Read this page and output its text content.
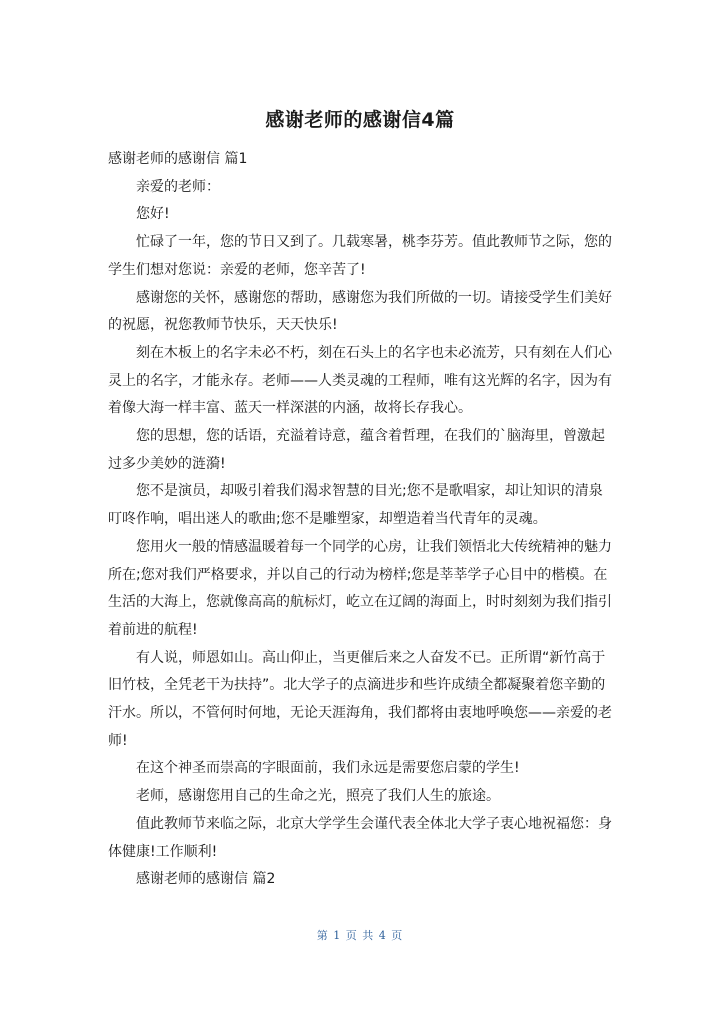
感谢老师的感谢信4篇

感谢老师的感谢信 篇1

亲爱的老师：

您好!

忙碌了一年，您的节日又到了。几载寒暑，桃李芬芳。值此教师节之际，您的学生们想对您说：亲爱的老师，您辛苦了!

感谢您的关怀，感谢您的帮助，感谢您为我们所做的一切。请接受学生们美好的祝愿，祝您教师节快乐，天天快乐!

刻在木板上的名字未必不朽，刻在石头上的名字也未必流芳，只有刻在人们心灵上的名字，才能永存。老师——人类灵魂的工程师，唯有这光辉的名字，因为有着像大海一样丰富、蓝天一样深湛的内涵，故将长存我心。

您的思想，您的话语，充溢着诗意，蕴含着哲理，在我们的`脑海里，曾激起过多少美妙的涟漪!

您不是演员，却吸引着我们渴求智慧的目光;您不是歌唱家，却让知识的清泉叮咚作响，唱出迷人的歌曲;您不是雕塑家，却塑造着当代青年的灵魂。

您用火一般的情感温暖着每一个同学的心房，让我们领悟北大传统精神的魅力所在;您对我们严格要求，并以自己的行动为榜样;您是莘莘学子心目中的楷模。在生活的大海上，您就像高高的航标灯，屹立在辽阔的海面上，时时刻刻为我们指引着前进的航程!

有人说，师恩如山。高山仰止，当更催后来之人奋发不已。正所谓“新竹高于旧竹枝，全凭老干为扶持”。北大学子的点滴进步和些许成绩全都凝聚着您辛勤的汗水。所以，不管何时何地，无论天涯海角，我们都将由衷地呼唤您——亲爱的老师!

在这个神圣而崇高的字眼面前，我们永远是需要您启蒙的学生!

老师，感谢您用自己的生命之光，照亮了我们人生的旅途。

值此教师节来临之际，北京大学学生会谨代表全体北大学子衷心地祝福您：身体健康!工作顺利!

感谢老师的感谢信 篇2

第 1 页 共 4 页
